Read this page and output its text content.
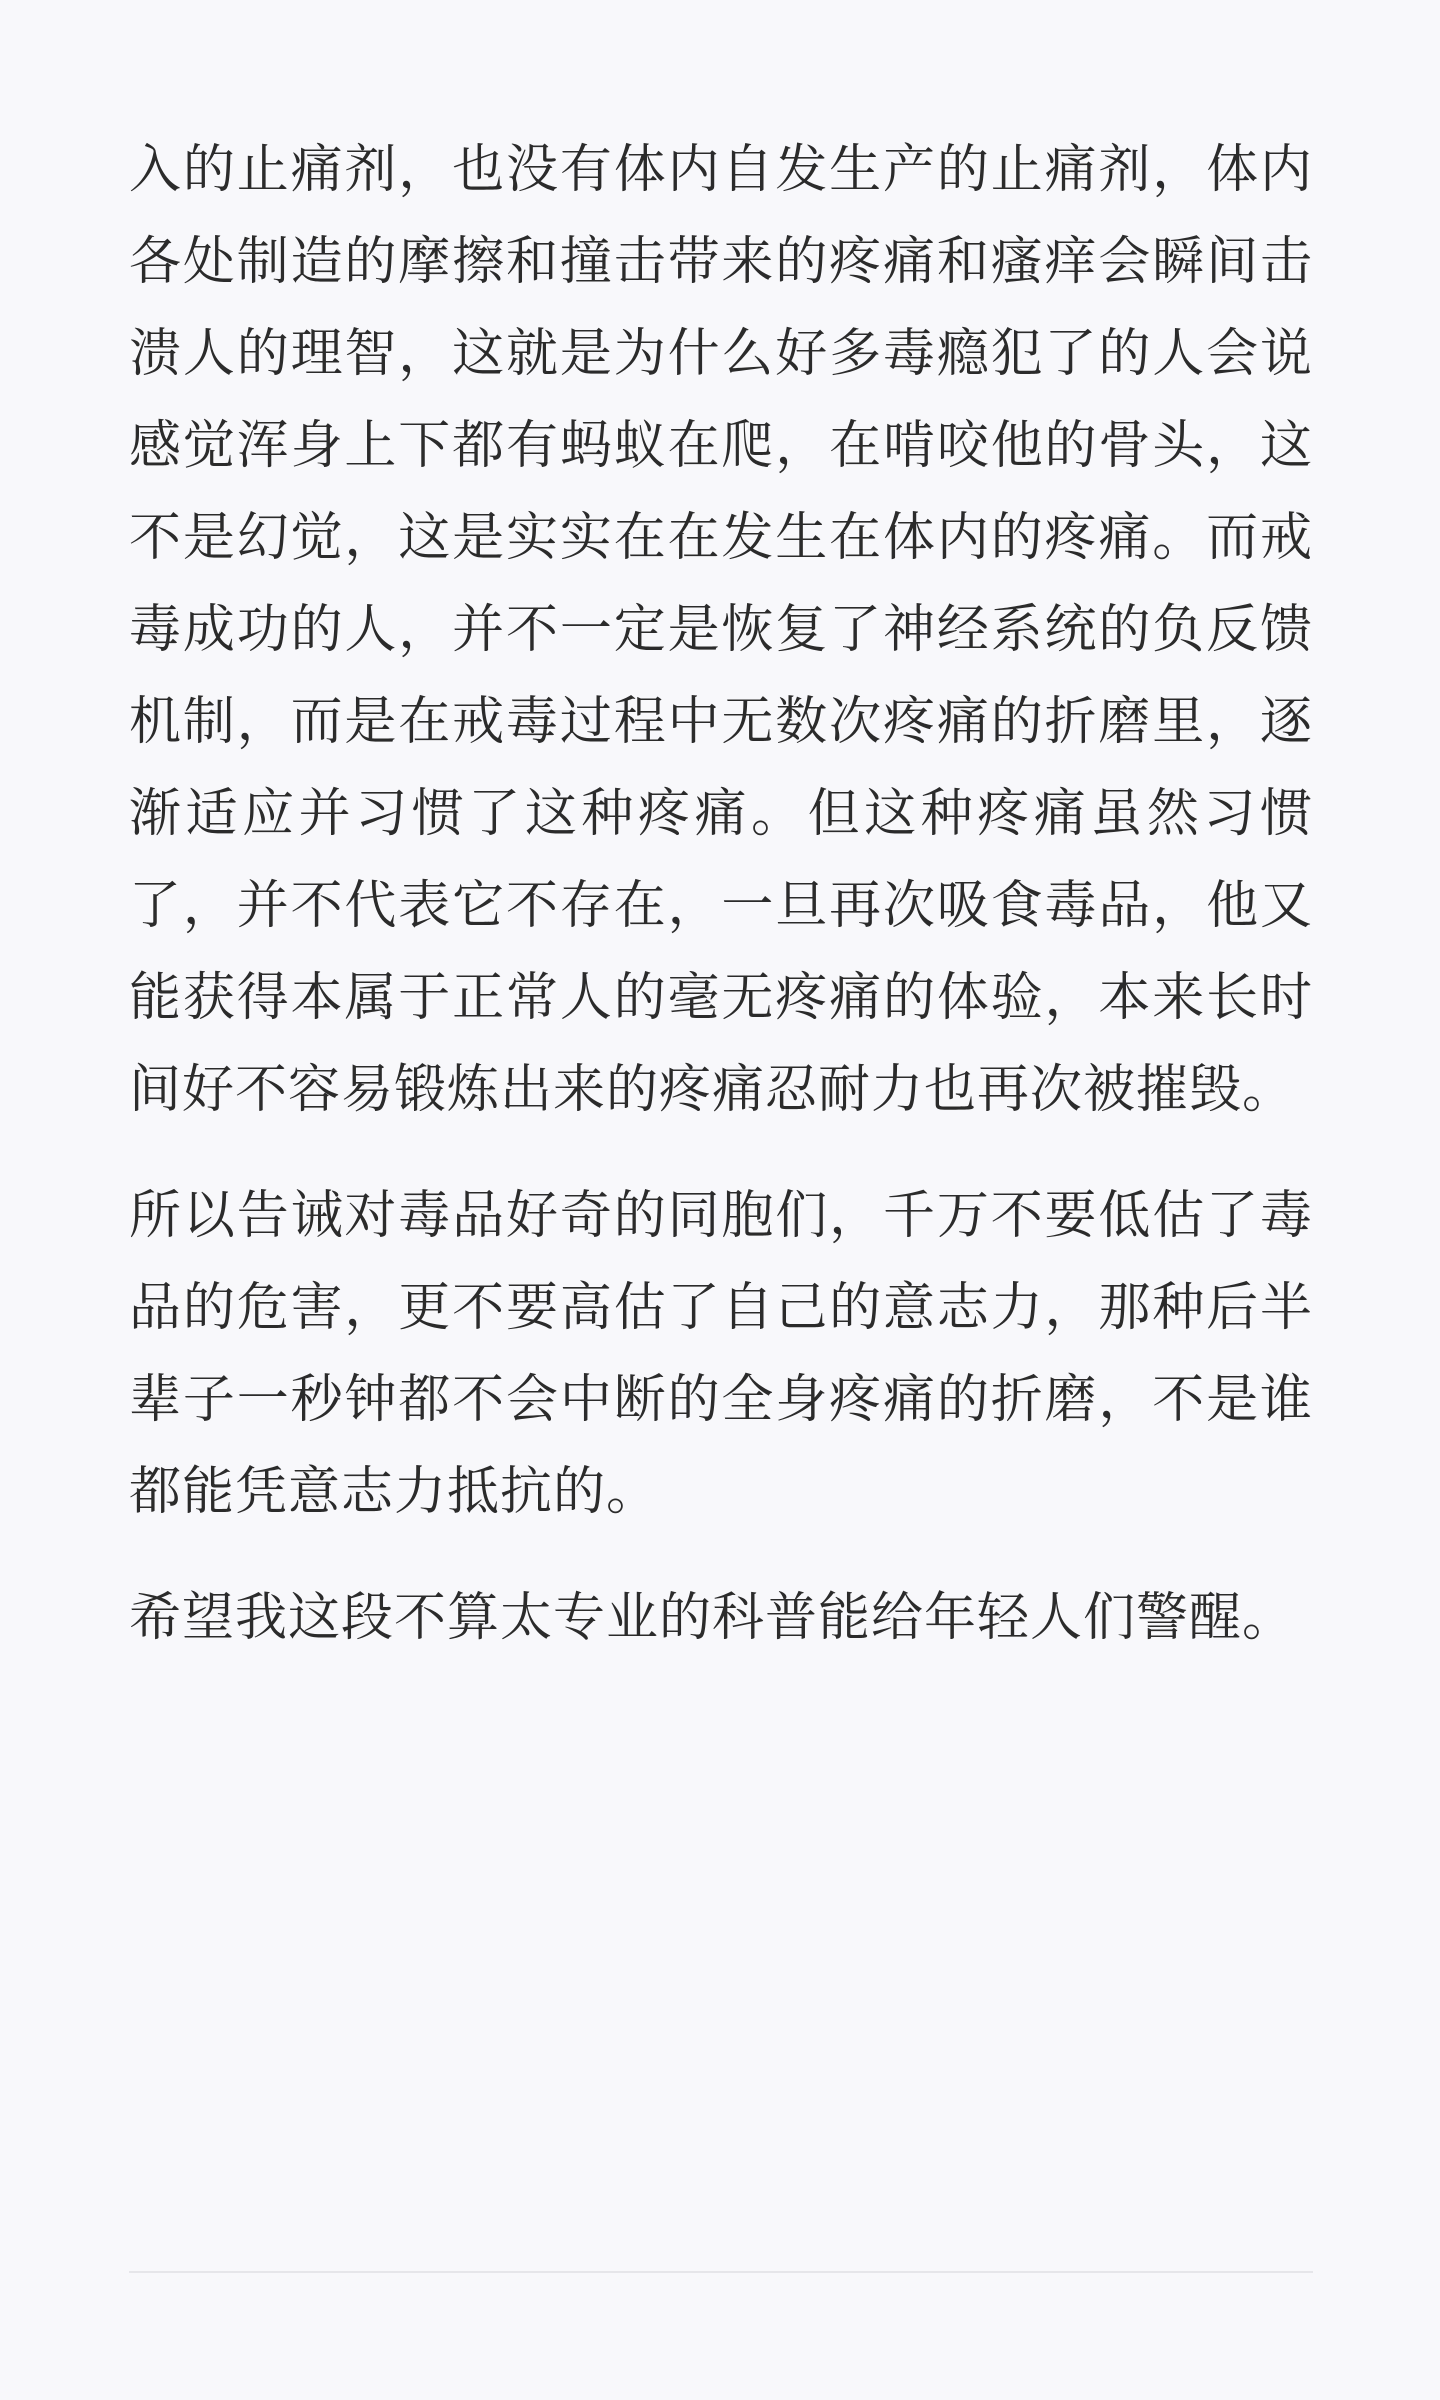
入的止痛剂，也没有体内自发生产的止痛剂，体内各处制造的摩擦和撞击带来的疼痛和瘙痒会瞬间击溃人的理智，这就是为什么好多毒瘾犯了的人会说感觉浑身上下都有蚂蚁在爬，在啃咬他的骨头，这不是幻觉，这是实实在在发生在体内的疼痛。而戒毒成功的人，并不一定是恢复了神经系统的负反馈机制，而是在戒毒过程中无数次疼痛的折磨里，逐渐适应并习惯了这种疼痛。但这种疼痛虽然习惯了，并不代表它不存在，一旦再次吸食毒品，他又能获得本属于正常人的毫无疼痛的体验，本来长时间好不容易锻炼出来的疼痛忍耐力也再次被摧毁。

所以告诫对毒品好奇的同胞们，千万不要低估了毒品的危害，更不要高估了自己的意志力，那种后半辈子一秒钟都不会中断的全身疼痛的折磨，不是谁都能凭意志力抵抗的。

希望我这段不算太专业的科普能给年轻人们警醒。
